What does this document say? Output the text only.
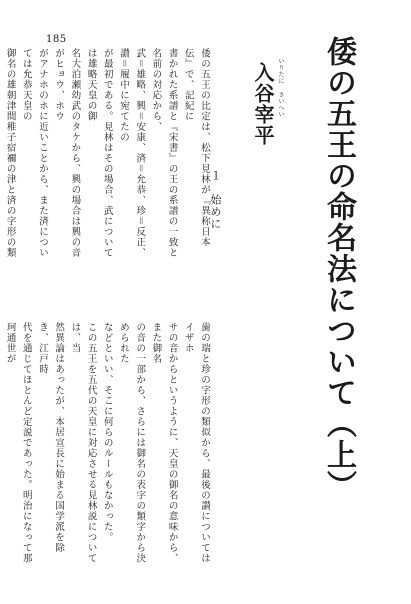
185	倭の五王の命名法について（上）
いりたに さいへい
入谷宰平
１　始めに

倭の五王の比定は、松下見林が『異称日本伝』で、記紀に

書かれた系譜と『宋書』の王の系譜の一致と名前の対応から、

武＝雄略、興＝安康、済＝允恭、珍＝反正、讃＝履中に宛てたの

が最初である。見林はその場合、武については雄略天皇の御

名大泊瀬幼武のタケから、興の場合は興の音がヒョウ、ホウ

がアナホのホに近いことから、また済については允恭天皇の

御名の雄朝津間稚子宿禰の津と済の字形の類

歯の瑞と珍の字形の類似から、最後の讃についてはイザホ

サの音からというように、天皇の御名の意味から、また御名

の音の一部から、さらには御名の表字の類字から決められた

などといい、そこに何らのルールもなかった。

この五王を五代の天皇に対応させる見林説については、当

然異論はあったが、本居宣長に始まる国学派を除き、江戸時

代を通じてほとんど定説であった。明治になって那珂通世が
